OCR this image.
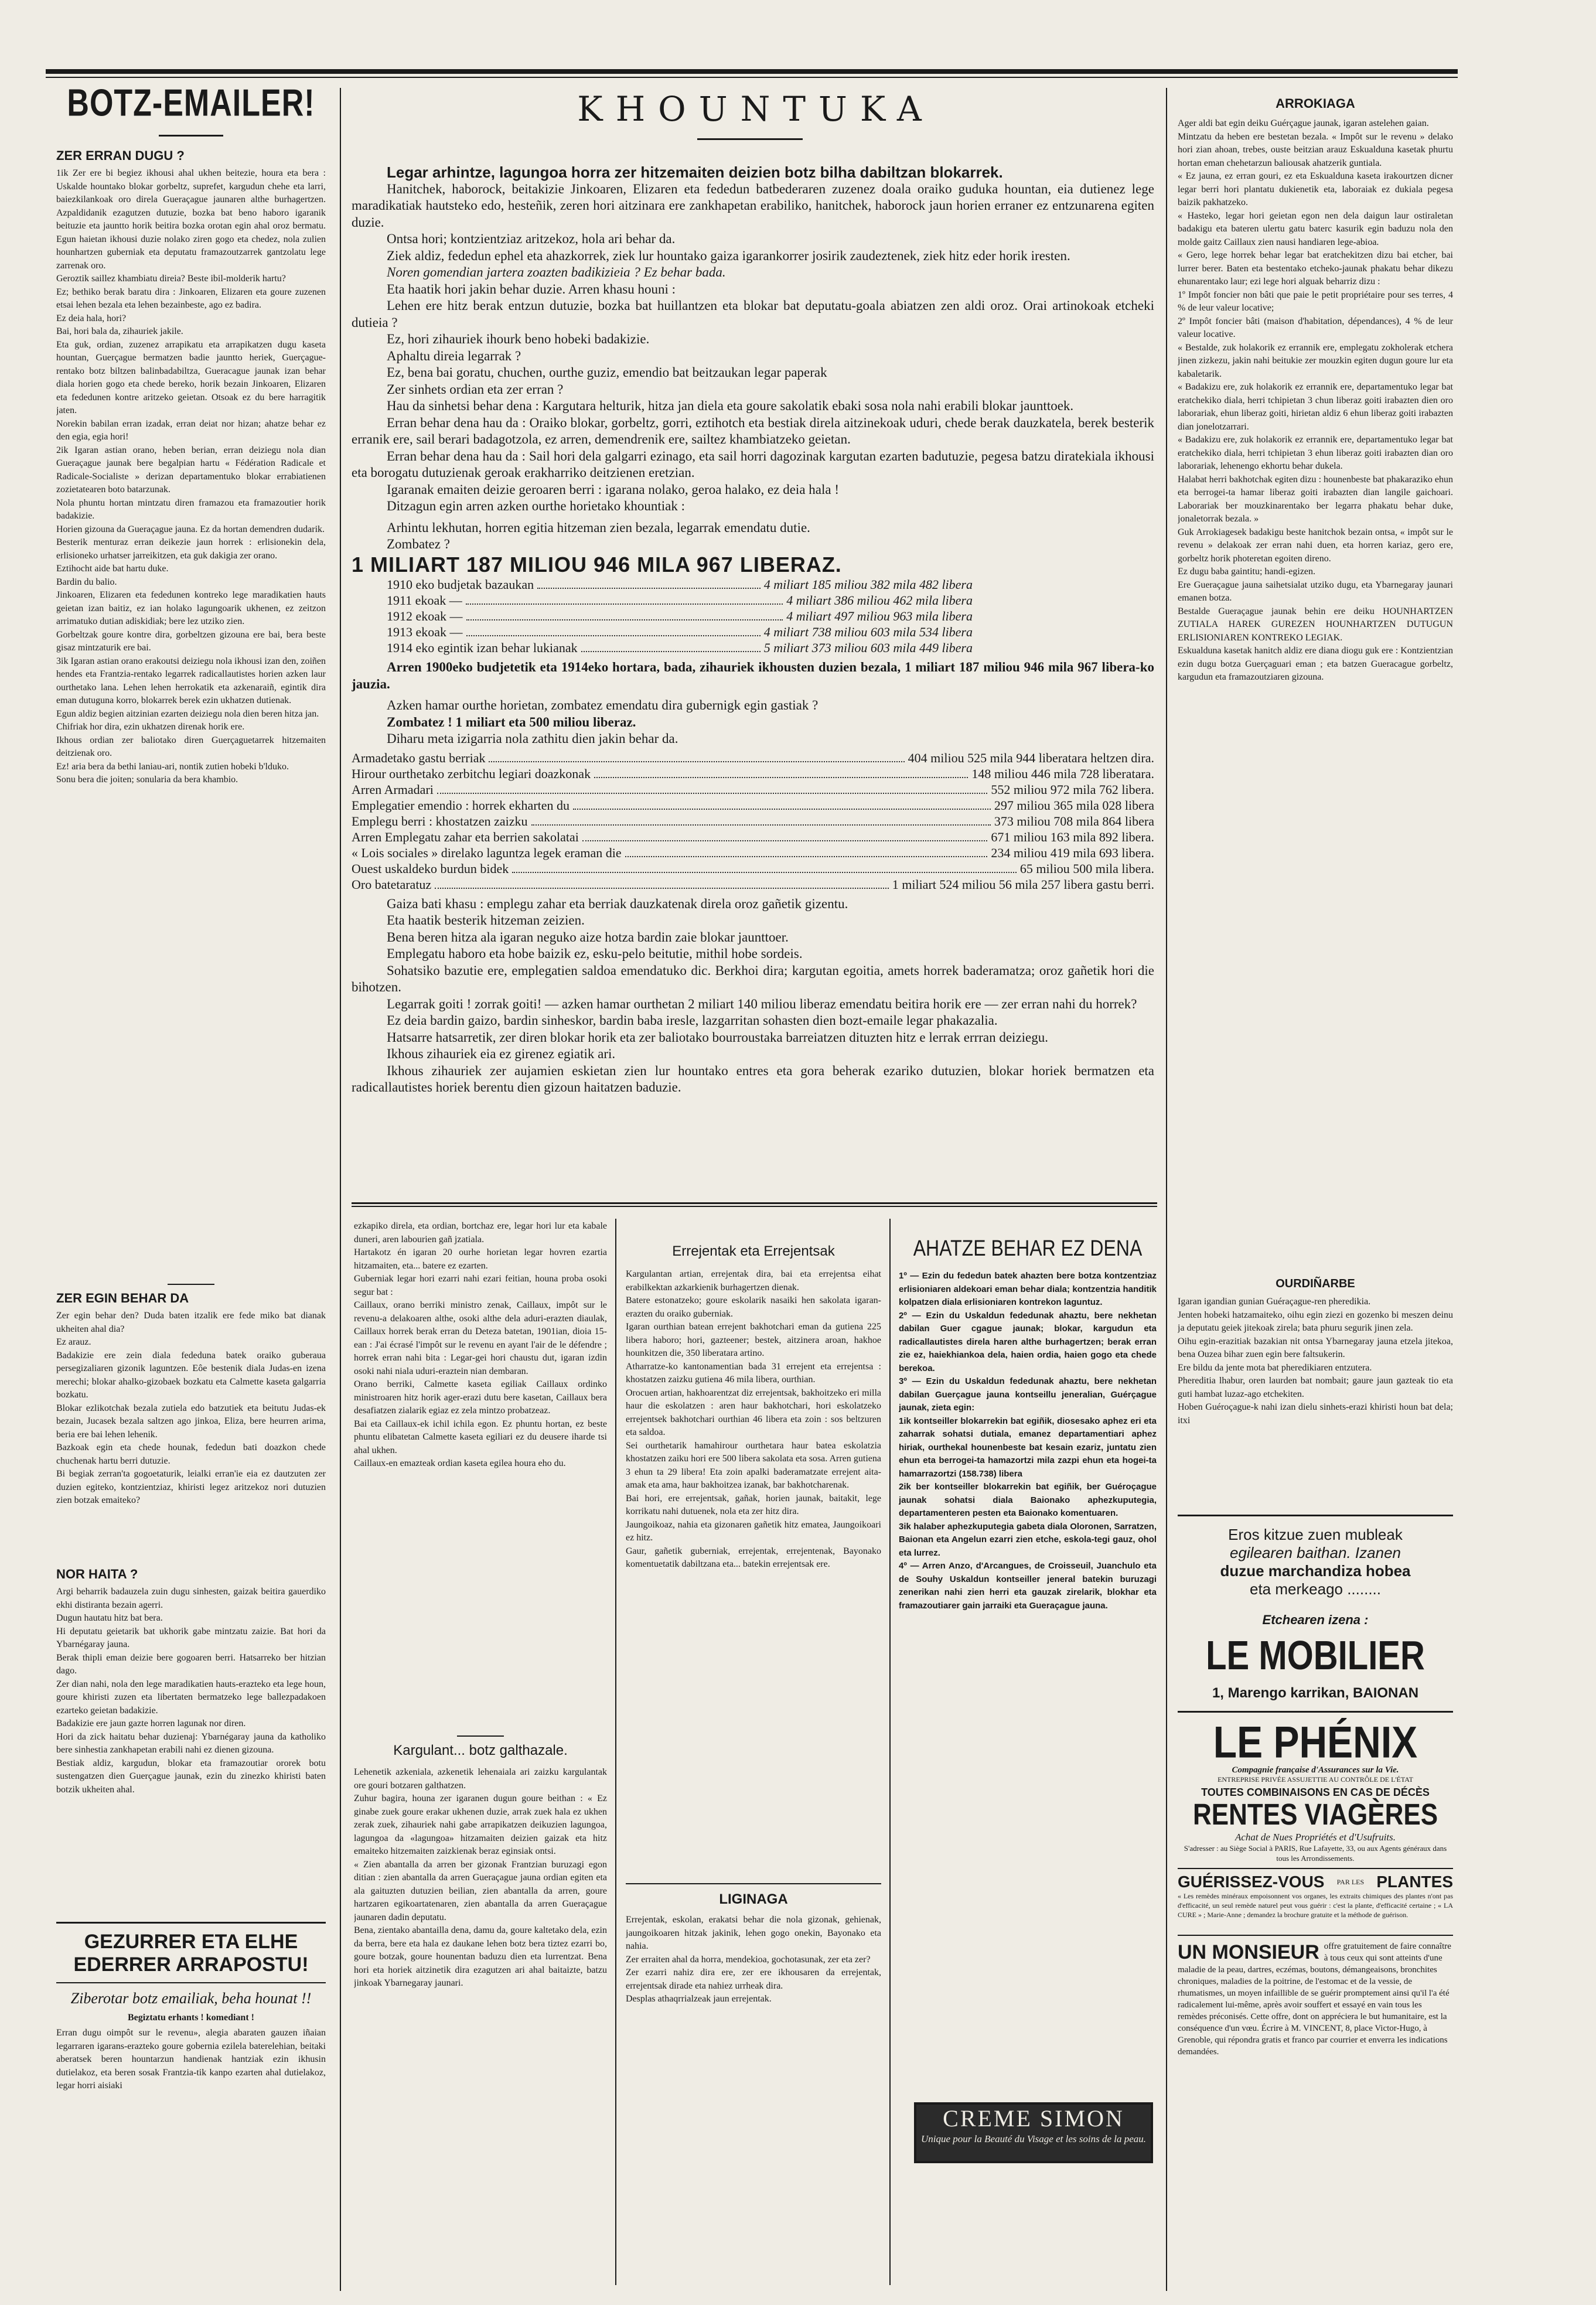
BOTZ-EMAILER!
ZER ERRAN DUGU ?
1ik Zer ere bi begiez ikhousi ahal ukhen beitezie, houra eta bera : Uskalde hountako blokar gorbeltz, suprefet, kargudun chehe eta larri, baiezkilankoak oro direla Gueraçague jaunaren althe burhagertzen. Azpaldidanik ezagutzen dutuzie, bozka bat beno haboro igaranik beituzie eta jauntto horik beitira bozka orotan egin ahal oroz bermatu. Egun haietan ikhousi duzie nolako ziren gogo eta chedez, nola zulien hounhartzen guberniak eta deputatu framazoutzarrek gantzolatu lege zarrenak oro.
Geroztik saillez khambiatu direia? Beste ibil-molderik hartu?
Ez; bethiko berak baratu dira : Jinkoaren, Elizaren eta goure zuzenen etsai lehen bezala eta lehen bezainbeste, ago ez badira.
Ez deia hala, hori?
Bai, hori bala da, zihauriek jakile.
Eta guk, ordian, zuzenez arrapikatu eta arrapikatzen dugu kaseta hountan, Guerçague bermatzen badie jauntto heriek, Guerçague-rentako botz biltzen balinbadabiltza, Gueracague jaunak izan behar diala horien gogo eta chede bereko, horik bezain Jinkoaren, Elizaren eta fededunen kontre aritzeko geietan. Otsoak ez du bere harragitik jaten.
Norekin babilan erran izadak, erran deiat nor hizan; ahatze behar ez den egia, egia hori!
2ik Igaran astian orano, heben berian, erran deiziegu nola dian Gueraçague jaunak bere begalpian hartu « Fédération Radicale et Radicale-Socialiste » derizan departamentuko blokar errabiatienen zozietatearen boto batarzunak.
Nola phuntu hortan mintzatu diren framazou eta framazoutier horik badakizie.
Horien gizouna da Gueraçague jauna. Ez da hortan demendren dudarik.
Besterik menturaz erran deikezie jaun horrek : erlisionekin dela, erlisioneko urhatser jarreikitzen, eta guk dakigia zer orano.
Eztihocht aide bat hartu duke.
Bardin du balio.
Jinkoaren, Elizaren eta fededunen kontreko lege maradikatien hauts geietan izan baitiz, ez ian holako lagungoarik ukhenen, ez zeitzon arrimatuko dutian adiskidiak; bere lez utziko zien.
Gorbeltzak goure kontre dira, gorbeltzen gizouna ere bai, bera beste gisaz mintzaturik ere bai.
3ik Igaran astian orano erakoutsi deiziegu nola ikhousi izan den, zoiñen hendes eta Frantzia-rentako legarrek radicallautistes horien azken laur ourthetako lana. Lehen lehen herrokatik eta azkenaraiñ, egintik dira eman dutuguna korro, blokarrek berek ezin ukhatzen dutienak.
Egun aldiz begien aitzinian ezarten deiziegu nola dien beren hitza jan.
Chifriak hor dira, ezin ukhatzen direnak horik ere.
Ikhous ordian zer baliotako diren Guerçaguetarrek hitzemaiten deitzienak oro.
Ez! aria bera da bethi laniau-ari, nontik zutien hobeki b'lduko.
Sonu bera die joiten; sonularia da bera khambio.
ZER EGIN BEHAR DA
Zer egin behar den? Duda baten itzalik ere fede miko bat dianak ukheiten ahal dia?
Ez arauz.
Badakizie ere zein diala fededuna batek oraiko guberaua persegizaliaren gizonik laguntzen. Eôe bestenik diala Judas-en izena merechi; blokar ahalko-gizobaek bozkatu eta Calmette kaseta galgarria bozkatu.
Blokar ezlikotchak bezala zutiela edo batzutiek eta beitutu Judas-ek bezain, Jucasek bezala saltzen ago jinkoa, Eliza, bere heurren arima, beria ere bai lehen lehenik.
Bazkoak egin eta chede hounak, fededun bati doazkon chede chuchenak hartu berri dutuzie.
Bi begiak zerran'ta gogoetaturik, leialki erran'ie eia ez dautzuten zer duzien egiteko, kontzientziaz, khiristi legez aritzekoz nori dutuzien zien botzak emaiteko?
NOR HAITA ?
Argi beharrik badauzela zuin dugu sinhesten, gaizak beitira gauerdiko ekhi distiranta bezain agerri.
Dugun hautatu hitz bat bera.
Hi deputatu geietarik bat ukhorik gabe mintzatu zaizie. Bat hori da Ybarnégaray jauna.
Berak thipli eman deizie bere gogoaren berri. Hatsarreko ber hitzian dago.
Zer dian nahi, nola den lege maradikatien hauts-erazteko eta lege houn, goure khiristi zuzen eta libertaten bermatzeko lege ballezpadakoen ezarteko geietan badakizie.
Badakizie ere jaun gazte horren lagunak nor diren.
Hori da zick haitatu behar duzienaj: Ybarnégaray jauna da katholiko bere sinhestia zankhapetan erabili nahi ez dienen gizouna.
Bestiak aldiz, kargudun, blokar eta framazoutiar ororek botu sustengatzen dien Guerçague jaunak, ezin du zinezko khiristi baten botzik ukheiten ahal.
GEZURRER ETA ELHE
EDERRER ARRAPOSTU!
Ziberotar botz emailiak, beha hounat !!
Begiztatu erhants ! komediant !
Erran dugu oimpôt sur le revenu», alegia abaraten gauzen iñaian legarraren igarans-erazteko goure gobernia ezilela baterelehian, beitaki aberatsek beren hountarzun handienak hantziak ezin ikhusin dutielakoz, eta beren sosak Frantzia-tik kanpo ezarten ahal dutielakoz, legar horri aisiaki
KHOUNTUKA

Legar arhintze, lagungoa horra zer hitzemaiten deizien botz bilha dabiltzan blokarrek.

Hanitchek, haborock, beitakizie Jinkoaren, Elizaren eta fededun batbederaren zuzenez doala oraiko guduka hountan, eia dutienez lege maradikatiak hautsteko edo, hesteñik, zeren hori aitzinara ere zankhapetan erabiliko, hanitchek, haborock jaun horien erraner ez entzunarena egiten duzie.

Ontsa hori; kontzientziaz aritzekoz, hola ari behar da.

Ziek aldiz, fededun ephel eta ahazkorrek, ziek lur hountako gaiza igarankorrer josirik zaudeztenek, ziek hitz eder horik iresten.

Noren gomendian jartera zoazten badikizieia ? Ez behar bada.

Eta haatik hori jakin behar duzie. Arren khasu houni :

Lehen ere hitz berak entzun dutuzie, bozka bat huillantzen eta blokar bat deputatu-goala abiatzen zen aldi oroz. Orai artinokoak etcheki dutieia ?

Ez, hori zihauriek ihourk beno hobeki badakizie.

Aphaltu direia legarrak ?

Ez, bena bai goratu, chuchen, ourthe guziz, emendio bat beitzaukan legar paperak

Zer sinhets ordian eta zer erran ?

Hau da sinhetsi behar dena : Kargutara helturik, hitza jan diela eta goure sakolatik ebaki sosa nola nahi erabili blokar jaunttoek.

Erran behar dena hau da : Oraiko blokar, gorbeltz, gorri, eztihotch eta bestiak direla aitzinekoak uduri, chede berak dauzkatela, berek besterik erranik ere, sail berari badagotzola, ez arren, demendrenik ere, sailtez khambiatzeko geietan.

Erran behar dena hau da : Sail hori dela galgarri ezinago, eta sail horri dagozinak kargutan ezarten badutuzie, pegesa batzu diratekiala ikhousi eta borogatu dutuzienak geroak erakharriko deitzienen eretzian.

Igaranak emaiten deizie geroaren berri : igarana nolako, geroa halako, ez deia hala !

Ditzagun egin arren azken ourthe horietako khountiak :

Arhintu lekhutan, horren egitia hitzeman zien bezala, legarrak emendatu dutie.

Zombatez ?

1 MILIART 187 MILIOU 946 MILA 967 LIBERAZ.
1910 eko budjetak bazaukan	4 miliart 185 miliou 382 mila 482 libera
1911 ekoak —	4 miliart 386 miliou 462 mila libera
1912 ekoak —	4 miliart 497 miliou 963 mila libera
1913 ekoak —	4 miliart 738 miliou 603 mila 534 libera
1914 eko egintik izan behar lukianak	5 miliart 373 miliou 603 mila 449 libera

Arren 1900eko budjetetik eta 1914eko hortara, bada, zihauriek ikhousten duzien bezala, 1 miliart 187 miliou 946 mila 967 libera-ko jauzia.

Azken hamar ourthe horietan, zombatez emendatu dira gubernigk egin gastiak ?

Zombatez ! 1 miliart eta 500 miliou liberaz.

Diharu meta izigarria nola zathitu dien jakin behar da.

Armadetako gastu berriak	404 miliou 525 mila 944 liberatara heltzen dira.
Hirour ourthetako zerbitchu legiari doazkonak	148 miliou 446 mila 728 liberatara.
Arren Armadari	552 miliou 972 mila 762 libera.
Emplegatier emendio : horrek ekharten du	297 miliou 365 mila 028 libera
Emplegu berri : khostatzen zaizku	373 miliou 708 mila 864 libera
Arren Emplegatu zahar eta berrien sakolatai	671 miliou 163 mila 892 libera.
« Lois sociales » direlako laguntza legek eraman die	234 miliou 419 mila 693 libera.
Ouest uskaldeko burdun bidek	65 miliou 500 mila libera.
Oro batetaratuz	1 miliart 524 miliou 56 mila 257 libera gastu berri.

Gaiza bati khasu : emplegu zahar eta berriak dauzkatenak direla oroz gañetik gizentu.

Eta haatik besterik hitzeman zeizien.

Bena beren hitza ala igaran neguko aize hotza bardin zaie blokar jaunttoer.

Emplegatu haboro eta hobe baizik ez, esku-pelo beitutie, mithil hobe sordeis.

Sohatsiko bazutie ere, emplegatien saldoa emendatuko dic. Berkhoi dira; kargutan egoitia, amets horrek baderamatza; oroz gañetik hori die bihotzen.

Legarrak goiti ! zorrak goiti! — azken hamar ourthetan 2 miliart 140 miliou liberaz emendatu beitira horik ere — zer erran nahi du horrek?

Ez deia bardin gaizo, bardin sinheskor, bardin baba iresle, lazgarritan sohasten dien bozt-emaile legar phakazalia.

Hatsarre hatsarretik, zer diren blokar horik eta zer baliotako bourroustaka barreiatzen dituzten hitz e lerrak errran deiziegu.

Ikhous zihauriek eia ez girenez egiatik ari.

Ikhous zihauriek zer aujamien eskietan zien lur hountako entres eta gora beherak ezariko dutuzien, blokar horiek bermatzen eta radicallautistes horiek berentu dien gizoun haitatzen baduzie.

ezkapiko direla, eta ordian, bortchaz ere, legar hori lur eta kabale duneri, aren labourien gañ jzatiala.
Hartakotz én igaran 20 ourhe horietan legar hovren ezartia hitzamaiten, eta... batere ez ezarten.
Guberniak legar hori ezarri nahi ezari feitian, houna proba osoki segur bat :
Caillaux, orano berriki ministro zenak, Caillaux, impôt sur le revenu-a delakoaren althe, osoki althe dela aduri-erazten diaulak, Caillaux horrek berak erran du Deteza batetan, 1901ian, dioia 15-ean : J'ai écrasé l'impôt sur le revenu en ayant l'air de le défendre ; horrek erran nahi bita : Legar-gei hori chaustu dut, igaran izdin osoki nahi niala uduri-eraztein nian dembaran.
Orano berriki, Calmette kaseta egiliak Caillaux ordinko ministroaren hitz horik ager-erazi dutu bere kasetan, Caillaux bera desafiatzen zialarik egiaz ez zela mintzo probatzeaz.
Bai eta Caillaux-ek ichil ichila egon. Ez phuntu hortan, ez beste phuntu elibatetan Calmette kaseta egiliari ez du deusere iharde tsi ahal ukhen.
Caillaux-en emazteak ordian kaseta egilea houra eho du.
Kargulant... botz galthazale.
Lehenetik azkeniala, azkenetik lehenaiala ari zaizku kargulantak ore gouri botzaren galthatzen.
Zuhur bagira, houna zer igaranen dugun goure beithan : « Ez ginabe zuek goure erakar ukhenen duzie, arrak zuek hala ez ukhen zerak zuek, zihauriek nahi gabe arrapikatzen deikuzien lagungoa, lagungoa da «lagungoa» hitzamaiten deizien gaizak eta hitz emaiteko hitzemaiten zaizkienak beraz eginsiak ontsi.
« Zien abantalla da arren ber gizonak Frantzian buruzagi egon ditian : zien abantalla da arren Gueraçague jauna ordian egiten eta ala gaituzten dutuzien beilian, zien abantalla da arren, goure hartzaren egikoartatenaren, zien abantalla da arren Gueraçague jaunaren dadin deputatu.
Bena, zientako abantailla dena, damu da, goure kaltetako dela, ezin da berra, bere eta hala ez daukane lehen botz bera tiztez ezarri bo, goure botzak, goure hounentan baduzu dien eta lurrentzat. Bena hori eta horiek aitzinetik dira ezagutzen ari ahal baitaizte, batzu jinkoak Ybarnegaray jaunari.
Errejentak eta Errejentsak
Kargulantan artian, errejentak dira, bai eta errejentsa eihat erabilkektan azkarkienik burhagertzen dienak.
Batere estonatzeko; goure eskolarik nasaiki hen sakolata igaran-erazten du oraiko guberniak.
Igaran ourthian batean errejent bakhotchari eman da gutiena 225 libera haboro; hori, gazteener; bestek, aitzinera aroan, hakhoe hounkitzen die, 350 liberatara artino.
Atharratze-ko kantonamentian bada 31 errejent eta errejentsa : khostatzen zaizku gutiena 46 mila libera, ourthian.
Orocuen artian, hakhoarentzat diz errejentsak, bakhoitzeko eri milla haur die eskolatzen : aren haur bakhotchari, hori eskolatzeko errejentsek bakhotchari ourthian 46 libera eta zoin : sos beltzuren eta saldoa.
Sei ourthetarik hamahirour ourthetara haur batea eskolatzia khostatzen zaiku hori ere 500 libera sakolata eta sosa. Arren gutiena 3 ehun ta 29 libera! Eta zoin apalki baderamatzate errejent aita-amak eta ama, haur bakhoitzea izanak, bar bakhotcharenak.
Bai hori, ere errejentsak, gañak, horien jaunak, baitakit, lege korrikatu nahi dutuenek, nola eta zer hitz dira.
Jaungoikoaz, nahia eta gizonaren gañetik hitz ematea, Jaungoikoari ez hitz.
Gaur, gañetik guberniak, errejentak, errejentenak, Bayonako komentuetatik dabiltzana eta... batekin errejentsak ere.
LIGINAGA
Errejentak, eskolan, erakatsi behar die nola gizonak, gehienak, jaungoikoaren hitzak jakinik, lehen gogo onekin, Bayonako eta nahia.
Zer erraiten ahal da horra, mendekioa, gochotasunak, zer eta zer?
Zer ezarri nahiz dira ere, zer ere ikhousaren da errejentak, errejentsak dirade eta nahiez urrheak dira.
Desplas athaqrrialzeak jaun errejentak.
AHATZE BEHAR EZ DENA
1º — Ezin du fededun batek ahazten bere botza kontzentziaz erlisioniaren aldekoari eman behar diala; kontzentzia handitik kolpatzen diala erlisioniaren kontrekon laguntuz.
2º — Ezin du Uskaldun fededunak ahaztu, bere nekhetan dabilan Guer cgague jaunak; blokar, kargudun eta radicallautistes direla haren althe burhagertzen; berak erran zie ez, haiekhiankoa dela, haien ordia, haien gogo eta chede berekoa.
3º — Ezin du Uskaldun fededunak ahaztu, bere nekhetan dabilan Guerçague jauna kontseillu jeneralian, Guérçague jaunak, zieta egin:
1ik kontseiller blokarrekin bat egiñik, diosesako aphez eri eta zaharrak sohatsi dutiala, emanez departamentiari aphez hiriak, ourthekal hounenbeste bat kesain ezariz, juntatu zien ehun eta berrogei-ta hamazortzi mila zazpi ehun eta hogei-ta hamarrazortzi (158.738) libera
2ik ber kontseiller blokarrekin bat egiñik, ber Guéroçague jaunak sohatsi diala Baionako aphezkuputegia, departamenteren pesten eta Baionako komentuaren.
3ik halaber aphezkuputegia gabeta diala Oloronen, Sarratzen, Baionan eta Angelun ezarri zien etche, eskola-tegi gauz, ohol eta lurrez.
4º — Arren Anzo, d'Arcangues, de Croisseuil, Juanchulo eta de Souhy Uskaldun kontseiller jeneral batekin buruzagi zenerikan nahi zien herri eta gauzak zirelarik, blokhar eta framazoutiarer gain jarraiki eta Gueraçague jauna.
CREME SIMON
Unique pour la Beauté du Visage et les soins de la peau.
ARROKIAGA
Ager aldi bat egin deiku Guérçague jaunak, igaran astelehen gaian.
Mintzatu da heben ere bestetan bezala. « Impôt sur le revenu » delako hori zian ahoan, trebes, ouste beitzian arauz Eskualduna kasetak phurtu hortan eman chehetarzun baliousak ahatzerik guntiala.
« Ez jauna, ez erran gouri, ez eta Eskualduna kaseta irakourtzen dicner legar berri hori plantatu dukienetik eta, laboraiak ez dukiala pegesa baizik pakhatzeko.
« Hasteko, legar hori geietan egon nen dela daigun laur ostiraletan badakigu eta bateren ulertu gatu baterc kasurik egin baduzu nola den molde gaitz Caillaux zien nausi handiaren lege-abioa.
« Gero, lege horrek behar legar bat eratchekitzen dizu bai etcher, bai lurrer berer. Baten eta bestentako etcheko-jaunak phakatu behar dikezu ehunarentako laur; ezi lege hori alguak beharriz dizu :
1º Impôt foncier non bâti que paie le petit propriétaire pour ses terres, 4 % de leur valeur locative;
2º Impôt foncier bâti (maison d'habitation, dépendances), 4 % de leur valeur locative.
« Bestalde, zuk holakorik ez errannik ere, emplegatu zokholerak etchera jinen zizkezu, jakin nahi beitukie zer mouzkin egiten dugun goure lur eta kabaletarik.
« Badakizu ere, zuk holakorik ez errannik ere, departamentuko legar bat eratchekiko diala, herri tchipietan 3 chun liberaz goiti irabazten dien oro laborariak, ehun liberaz goiti, hirietan aldiz 6 ehun liberaz goiti irabazten dian jonelotzarrari.
« Badakizu ere, zuk holakorik ez errannik ere, departamentuko legar bat eratchekiko diala, herri tchipietan 3 ehun liberaz goiti irabazten dian oro laborariak, lehenengo ekhortu behar dukela.
Halabat herri bakhotchak egiten dizu : hounenbeste bat phakaraziko ehun eta berrogei-ta hamar liberaz goiti irabazten dian langile gaichoari. Laborariak ber mouzkinarentako ber legarra phakatu behar duke, jonaletorrak bezala. »
Guk Arrokiagesek badakigu beste hanitchok bezain ontsa, « impôt sur le revenu » delakoak zer erran nahi duen, eta horren kariaz, gero ere, gorbeltz horik photeretan egoiten direno.
Ez dugu baba gaintitu; handi-egizen.
Ere Gueraçague jauna saihetsialat utziko dugu, eta Ybarnegaray jaunari emanen botza.
Bestalde Gueraçague jaunak behin ere deiku HOUNHARTZEN ZUTIALA HAREK GUREZEN HOUNHARTZEN DUTUGUN ERLISIONIAREN KONTREKO LEGIAK.
Eskualduna kasetak hanitch aldiz ere diana diogu guk ere : Kontzientzian ezin dugu botza Guerçaguari eman ; eta batzen Gueracague gorbeltz, kargudun eta framazoutziaren gizouna.
OURDIÑARBE
Igaran igandian gunian Guéraçague-ren pheredikia.
Jenten hobeki hatzamaiteko, oihu egin ziezi en gozenko bi meszen deinu ja deputatu geiek jitekoak zirela; bata phuru segurik jinen zela.
Oihu egin-erazitiak bazakian nit ontsa Ybarnegaray jauna etzela jitekoa, bena Ouzea bihar zuen egin bere faltsukerin.
Ere bildu da jente mota bat pheredikiaren entzutera.
Phereditia lhabur, oren laurden bat nombait; gaure jaun gazteak tio eta guti hambat luzaz-ago etchekiten.
Hoben Guéroçague-k nahi izan dielu sinhets-erazi khiristi houn bat dela; itxi
Eros kitzue zuen mubleak
egilearen baithan. Izanen
duzue marchandiza hobea
eta merkeago ........
Etchearen izena :
LE MOBILIER
1, Marengo karrikan, BAIONAN
LE PHÉNIX
Compagnie française d'Assurances sur la Vie.
ENTREPRISE PRIVÉE ASSUJETTIE AU CONTRÔLE DE L'ÉTAT
TOUTES COMBINAISONS EN CAS DE DÉCÈS
RENTES VIAGÈRES
Achat de Nues Propriétés et d'Usufruits.
S'adresser : au Siège Social à PARIS, Rue Lafayette, 33, ou aux Agents généraux dans tous les Arrondissements.
GUÉRISSEZ-VOUS PAR LES PLANTES
« Les remèdes minéraux empoisonnent vos organes, les extraits chimiques des plantes n'ont pas d'efficacité, un seul remède naturel peut vous guérir : c'est la plante, d'efficacité certaine ; « LA CURE » ; Marie-Anne ; demandez la brochure gratuite et la méthode de guérison.
UN MONSIEUR offre gratuitement de faire connaître à tous ceux qui sont atteints d'une maladie de la peau, dartres, eczémas, boutons, démangeaisons, bronchites chroniques, maladies de la poitrine, de l'estomac et de la vessie, de rhumatismes, un moyen infaillible de se guérir promptement ainsi qu'il l'a été radicalement lui-même, après avoir souffert et essayé en vain tous les remèdes préconisés. Cette offre, dont on appréciera le but humanitaire, est la conséquence d'un vœu. Écrire à M. VINCENT, 8, place Victor-Hugo, à Grenoble, qui répondra gratis et franco par courrier et enverra les indications demandées.
